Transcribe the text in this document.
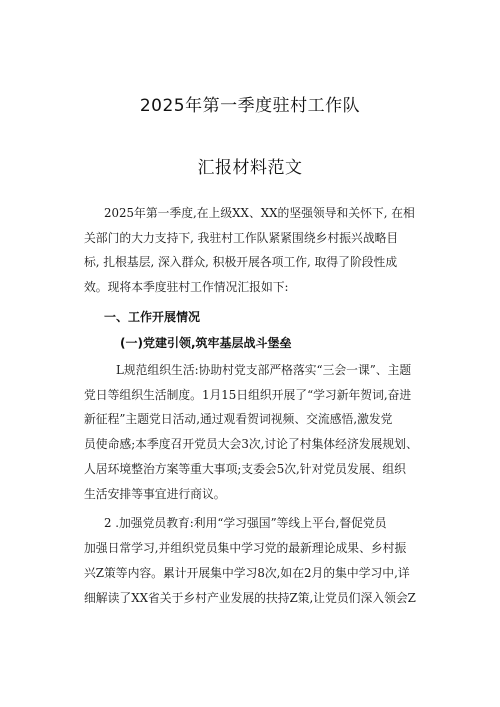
2025年第一季度驻村工作队
汇报材料范文
2025年第一季度,在上级XX、XX的坚强领导和关怀下, 在相
关部门的大力支持下, 我驻村工作队紧紧围绕乡村振兴战略目
标, 扎根基层, 深入群众, 积极开展各项工作, 取得了阶段性成
效。现将本季度驻村工作情况汇报如下:
一、工作开展情况
(一)党建引领,筑牢基层战斗堡垒
L规范组织生活:协助村党支部严格落实“三会一课”、主题
党日等组织生活制度。1月15日组织开展了“学习新年贺词,奋进
新征程”主题党日活动,通过观看贺词视频、交流感悟,激发党
员使命感;本季度召开党员大会3次,讨论了村集体经济发展规划、
人居环境整治方案等重大事项;支委会5次,针对党员发展、组织
生活安排等事宜进行商议。
2 .加强党员教育:利用“学习强国”等线上平台,督促党员
加强日常学习,并组织党员集中学习党的最新理论成果、乡村振
兴Z策等内容。累计开展集中学习8次,如在2月的集中学习中,详
细解读了XX省关于乡村产业发展的扶持Z策,让党员们深入领会Z
